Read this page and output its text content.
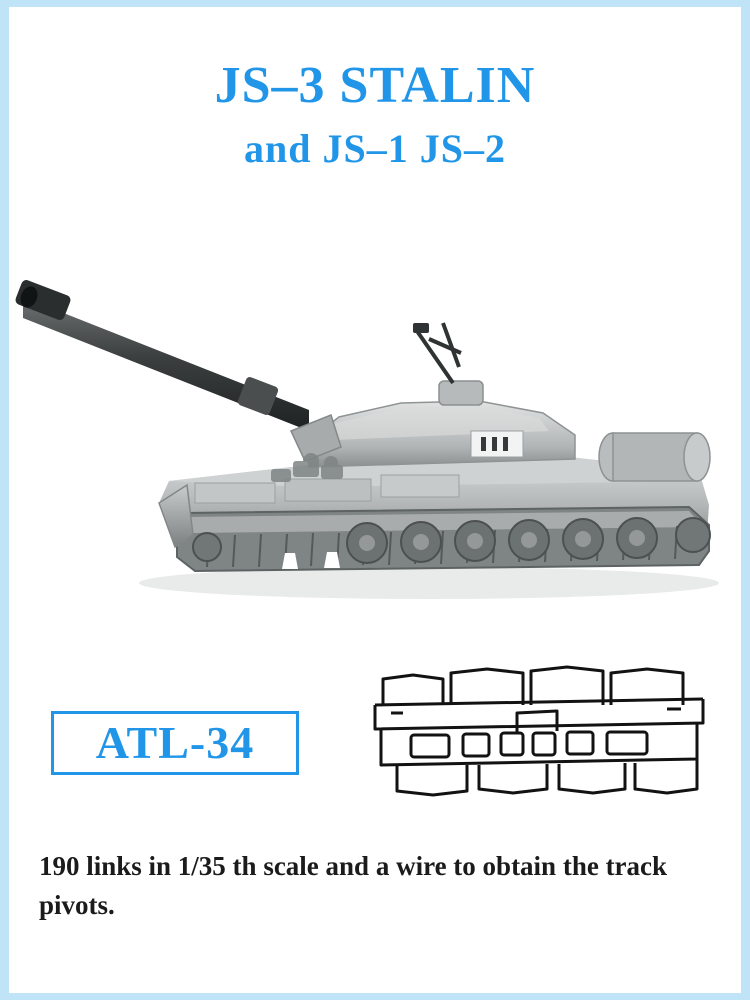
JS–3 STALIN
and JS–1 JS–2
ATL-34
190 links in 1/35 th scale and a wire to obtain the track pivots.
